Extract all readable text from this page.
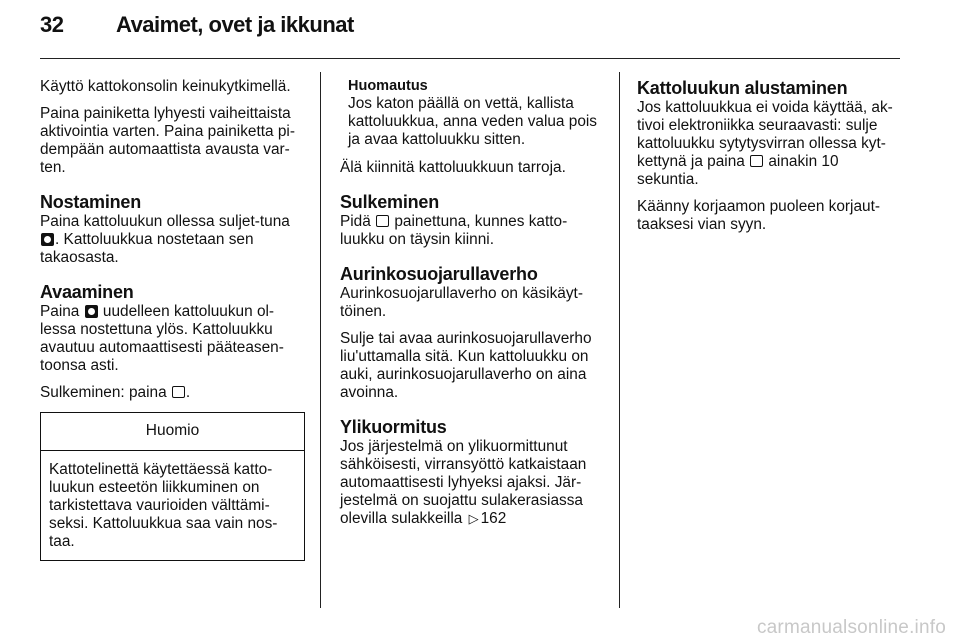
32 Avaimet, ovet ja ikkunat

Käyttö kattokonsolin keinukytkimellä.

Paina painiketta lyhyesti vaiheittaista aktivointia varten. Paina painiketta pi-dempään automaattista avausta var-ten.

Nostaminen

Paina kattoluukun ollessa suljet-tuna . Kattoluukkua nostetaan sen takaosasta.

Avaaminen

Paina  uudelleen kattoluukun ol-lessa nostettuna ylös. Kattoluukku avautuu automaattisesti pääteasen-toonsa asti.

Sulkeminen: paina .

Huomio
Kattotelinettä käytettäessä katto-luukun esteetön liikkuminen on tarkistettava vaurioiden välttämi-seksi. Kattoluukkua saa vain nos-taa.
Huomautus

Jos katon päällä on vettä, kallista kattoluukkua, anna veden valua pois ja avaa kattoluukku sitten.

Älä kiinnitä kattoluukkuun tarroja.

Sulkeminen

Pidä  painettuna, kunnes katto-luukku on täysin kiinni.

Aurinkosuojarullaverho

Aurinkosuojarullaverho on käsikäyt-töinen.

Sulje tai avaa aurinkosuojarullaverho liu'uttamalla sitä. Kun kattoluukku on auki, aurinkosuojarullaverho on aina avoinna.

Ylikuormitus

Jos järjestelmä on ylikuormittunut sähköisesti, virransyöttö katkaistaan automaattisesti lyhyeksi ajaksi. Jär-jestelmä on suojattu sulakerasiassa olevilla sulakkeilla ▷ 162

Kattoluukun alustaminen

Jos kattoluukkua ei voida käyttää, ak-tivoi elektroniikka seuraavasti: sulje kattoluukku sytytysvirran ollessa kyt-kettynä ja paina  ainakin 10 sekuntia.

Käänny korjaamon puoleen korjaut-taaksesi vian syyn.

carmanualsonline.info
